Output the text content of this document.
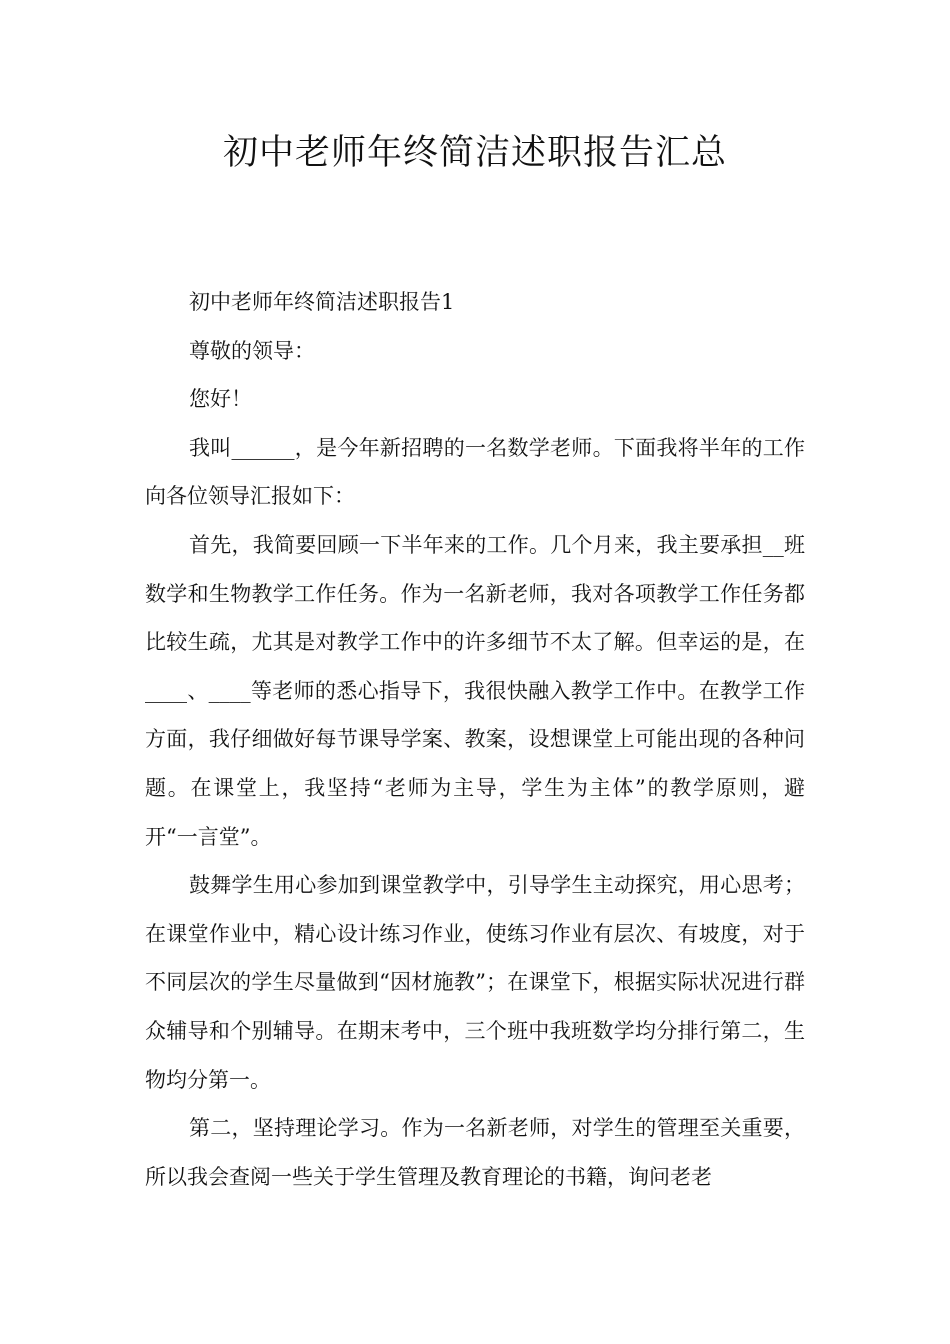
初中老师年终简洁述职报告汇总

初中老师年终简洁述职报告1

尊敬的领导：

您好！

我叫______，是今年新招聘的一名数学老师。下面我将半年的工作向各位领导汇报如下：

首先，我简要回顾一下半年来的工作。几个月来，我主要承担__班数学和生物教学工作任务。作为一名新老师，我对各项教学工作任务都比较生疏，尤其是对教学工作中的许多细节不太了解。但幸运的是，在____、____等老师的悉心指导下，我很快融入教学工作中。在教学工作方面，我仔细做好每节课导学案、教案，设想课堂上可能出现的各种问题。在课堂上，我坚持“老师为主导，学生为主体”的教学原则，避开“一言堂”。

鼓舞学生用心参加到课堂教学中，引导学生主动探究，用心思考；在课堂作业中，精心设计练习作业，使练习作业有层次、有坡度，对于不同层次的学生尽量做到“因材施教”；在课堂下，根据实际状况进行群众辅导和个别辅导。在期末考中，三个班中我班数学均分排行第二，生物均分第一。

第二，坚持理论学习。作为一名新老师，对学生的管理至关重要，所以我会查阅一些关于学生管理及教育理论的书籍，询问老老
